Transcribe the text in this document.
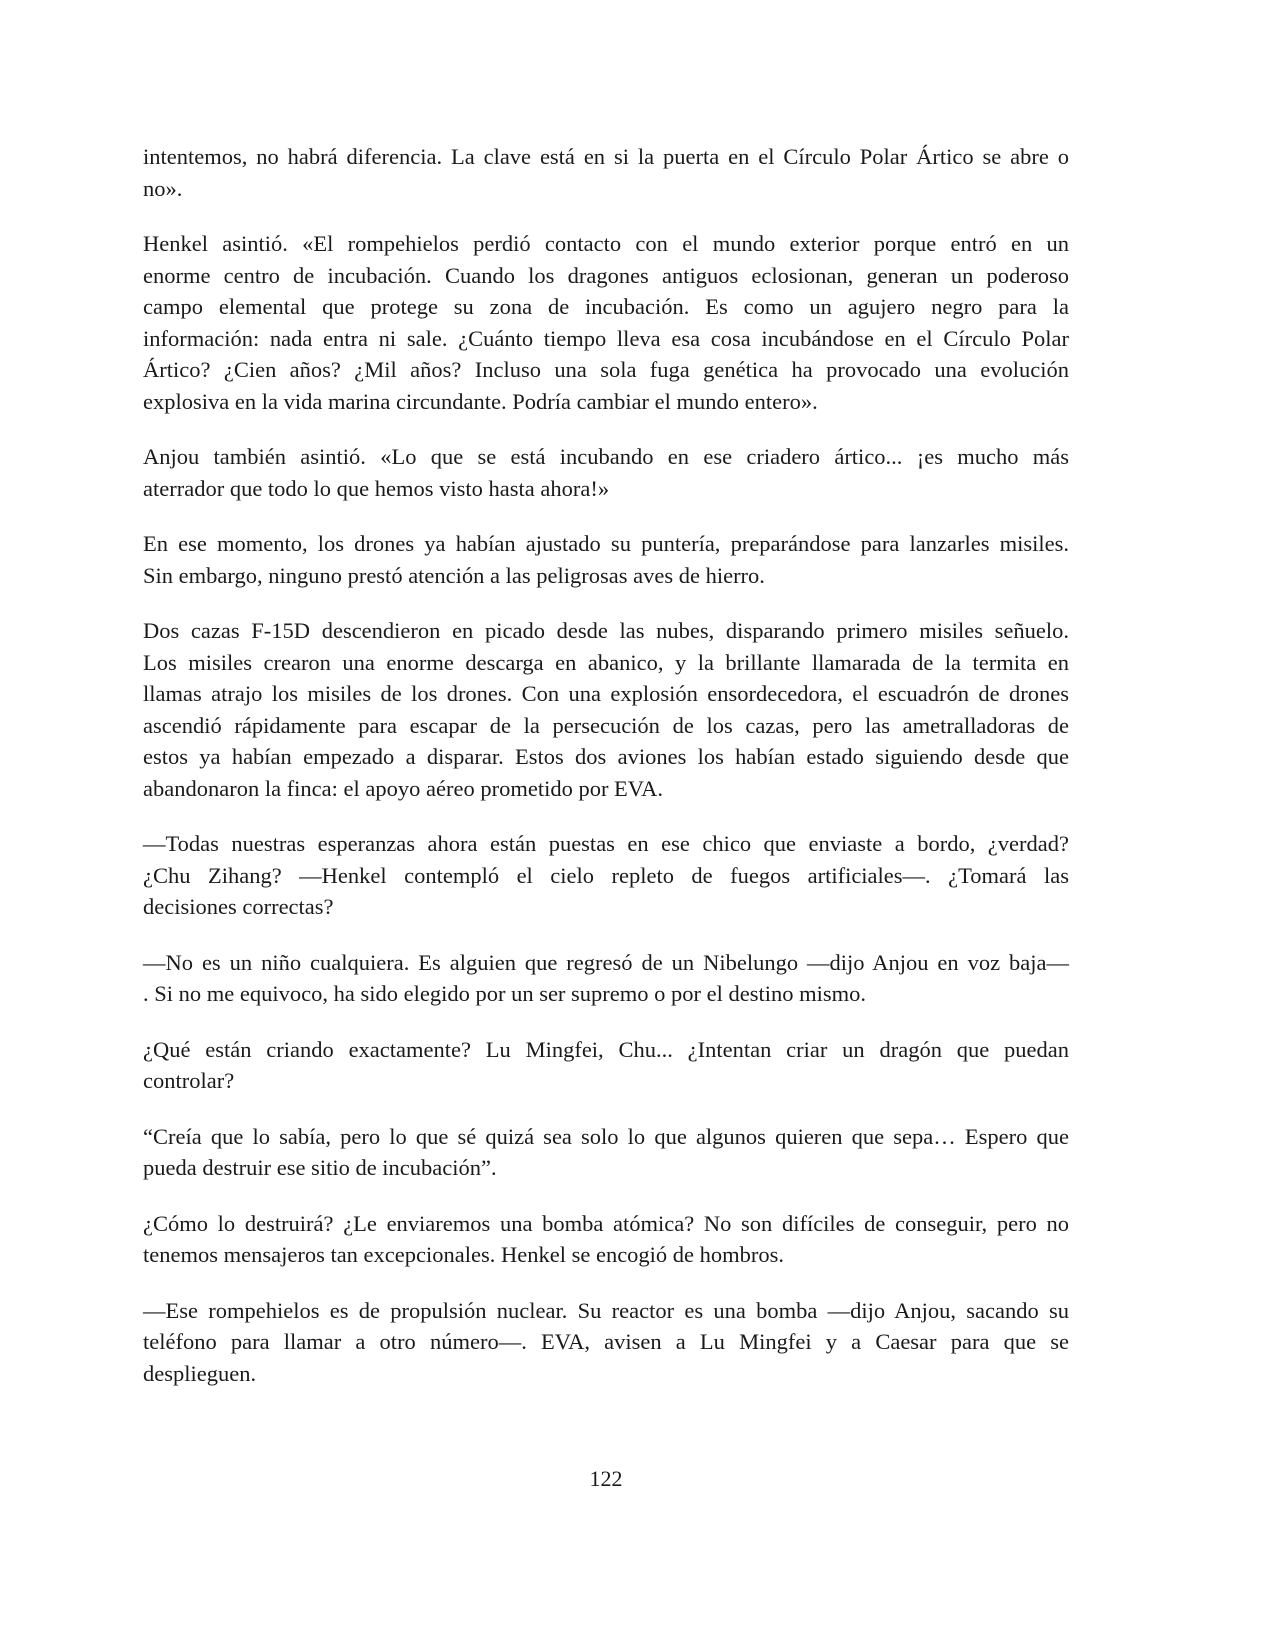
intentemos, no habrá diferencia. La clave está en si la puerta en el Círculo Polar Ártico se abre o
no».
Henkel asintió. «El rompehielos perdió contacto con el mundo exterior porque entró en un
enorme centro de incubación. Cuando los dragones antiguos eclosionan, generan un poderoso
campo elemental que protege su zona de incubación. Es como un agujero negro para la
información: nada entra ni sale. ¿Cuánto tiempo lleva esa cosa incubándose en el Círculo Polar
Ártico? ¿Cien años? ¿Mil años? Incluso una sola fuga genética ha provocado una evolución
explosiva en la vida marina circundante. Podría cambiar el mundo entero».
Anjou también asintió. «Lo que se está incubando en ese criadero ártico... ¡es mucho más
aterrador que todo lo que hemos visto hasta ahora!»
En ese momento, los drones ya habían ajustado su puntería, preparándose para lanzarles misiles.
Sin embargo, ninguno prestó atención a las peligrosas aves de hierro.
Dos cazas F-15D descendieron en picado desde las nubes, disparando primero misiles señuelo.
Los misiles crearon una enorme descarga en abanico, y la brillante llamarada de la termita en
llamas atrajo los misiles de los drones. Con una explosión ensordecedora, el escuadrón de drones
ascendió rápidamente para escapar de la persecución de los cazas, pero las ametralladoras de
estos ya habían empezado a disparar. Estos dos aviones los habían estado siguiendo desde que
abandonaron la finca: el apoyo aéreo prometido por EVA.
—Todas nuestras esperanzas ahora están puestas en ese chico que enviaste a bordo, ¿verdad?
¿Chu Zihang? —Henkel contempló el cielo repleto de fuegos artificiales—. ¿Tomará las
decisiones correctas?
—No es un niño cualquiera. Es alguien que regresó de un Nibelungo —dijo Anjou en voz baja—
. Si no me equivoco, ha sido elegido por un ser supremo o por el destino mismo.
¿Qué están criando exactamente? Lu Mingfei, Chu... ¿Intentan criar un dragón que puedan
controlar?
“Creía que lo sabía, pero lo que sé quizá sea solo lo que algunos quieren que sepa… Espero que
pueda destruir ese sitio de incubación”.
¿Cómo lo destruirá? ¿Le enviaremos una bomba atómica? No son difíciles de conseguir, pero no
tenemos mensajeros tan excepcionales. Henkel se encogió de hombros.
—Ese rompehielos es de propulsión nuclear. Su reactor es una bomba —dijo Anjou, sacando su
teléfono para llamar a otro número—. EVA, avisen a Lu Mingfei y a Caesar para que se
desplieguen.
122
